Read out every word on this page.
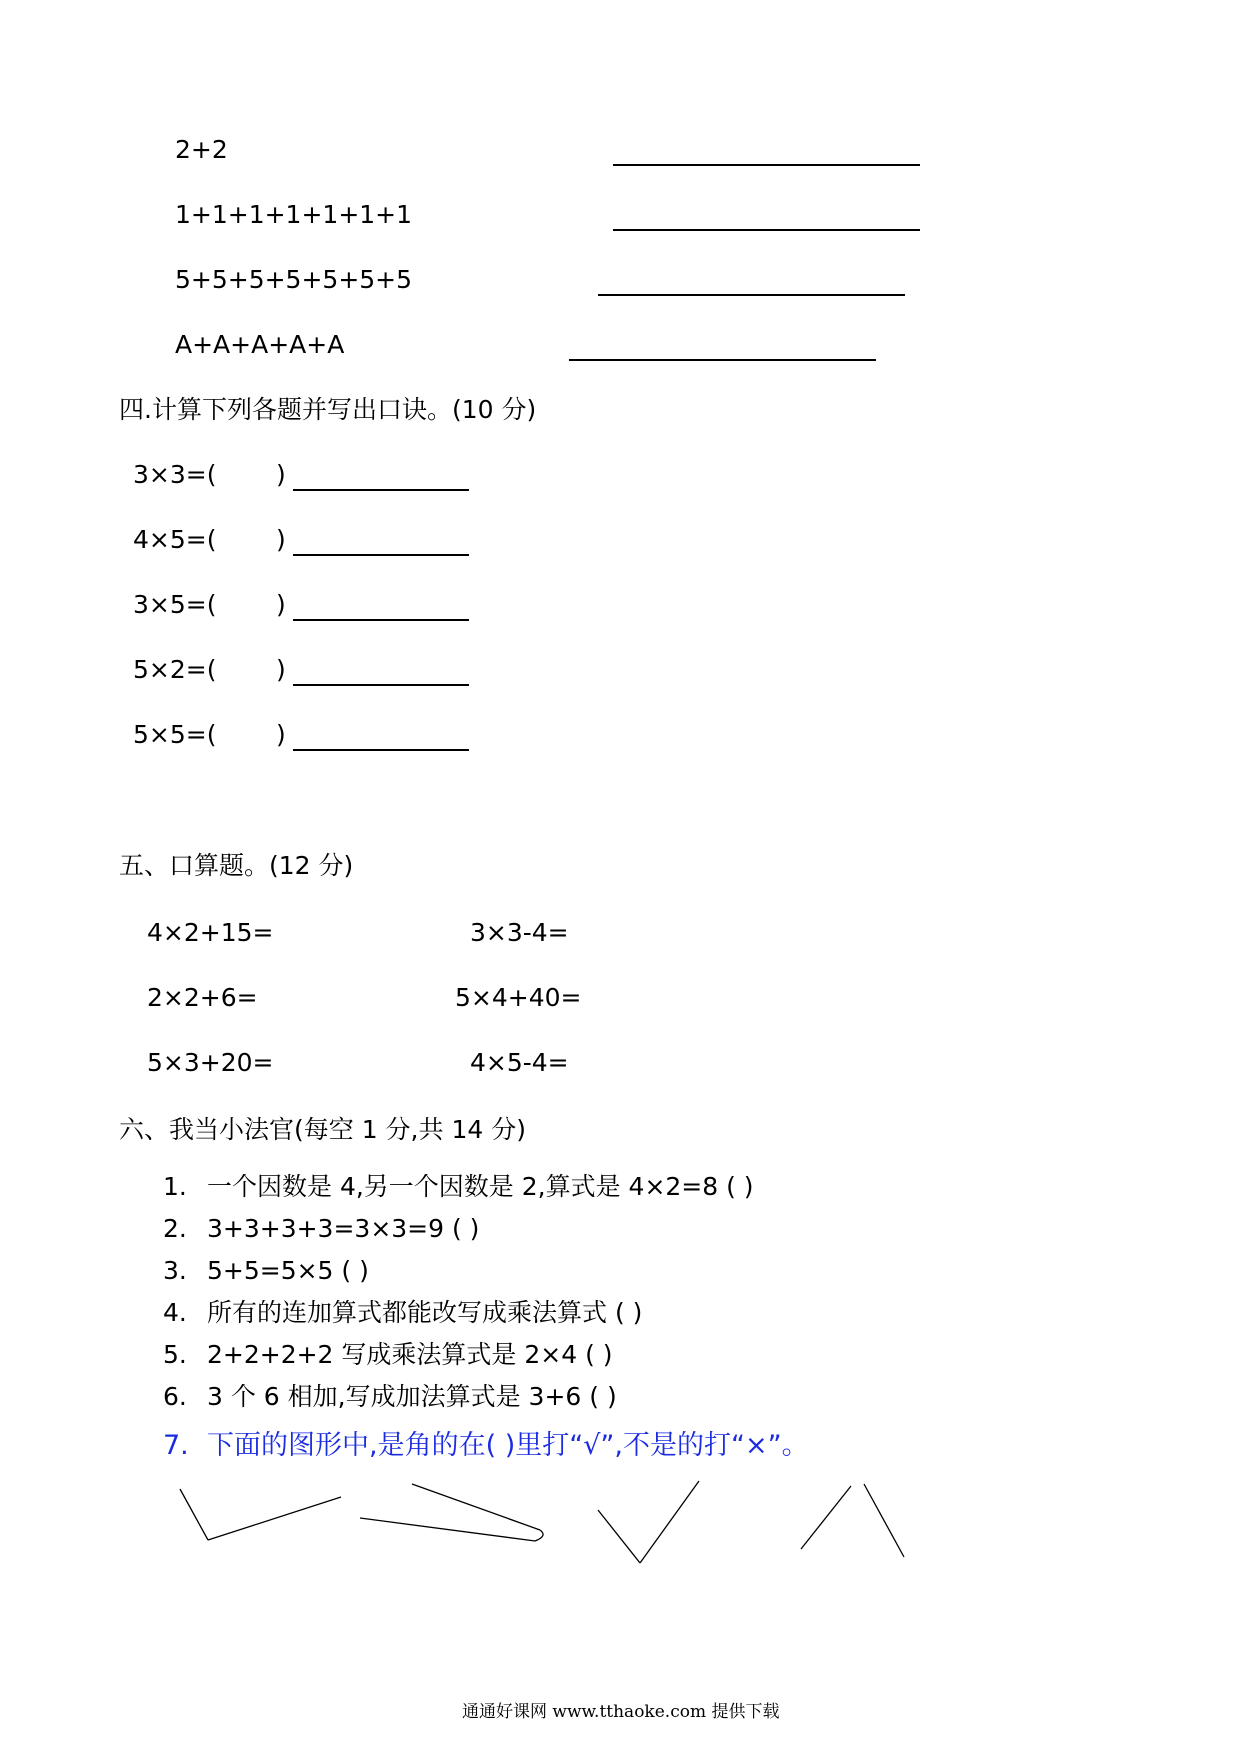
2+2
1+1+1+1+1+1+1
5+5+5+5+5+5+5
A+A+A+A+A
四.计算下列各题并写出口诀。(10 分)
3×3=( )
4×5=( )
3×5=( )
5×2=( )
5×5=( )
五、口算题。(12 分)
4×2+15=	3×3-4=
2×2+6=	5×4+40=
5×3+20=	4×5-4=
六、我当小法官(每空 1 分,共 14 分)
1. 一个因数是 4,另一个因数是 2,算式是 4×2=8 ( )
2. 3+3+3+3=3×3=9 ( )
3. 5+5=5×5 ( )
4. 所有的连加算式都能改写成乘法算式 ( )
5. 2+2+2+2 写成乘法算式是 2×4 ( )
6. 3 个 6 相加,写成加法算式是 3+6 ( )
7. 下面的图形中,是角的在( )里打“√”,不是的打“×”。
通通好课网 www.tthaoke.com 提供下载
